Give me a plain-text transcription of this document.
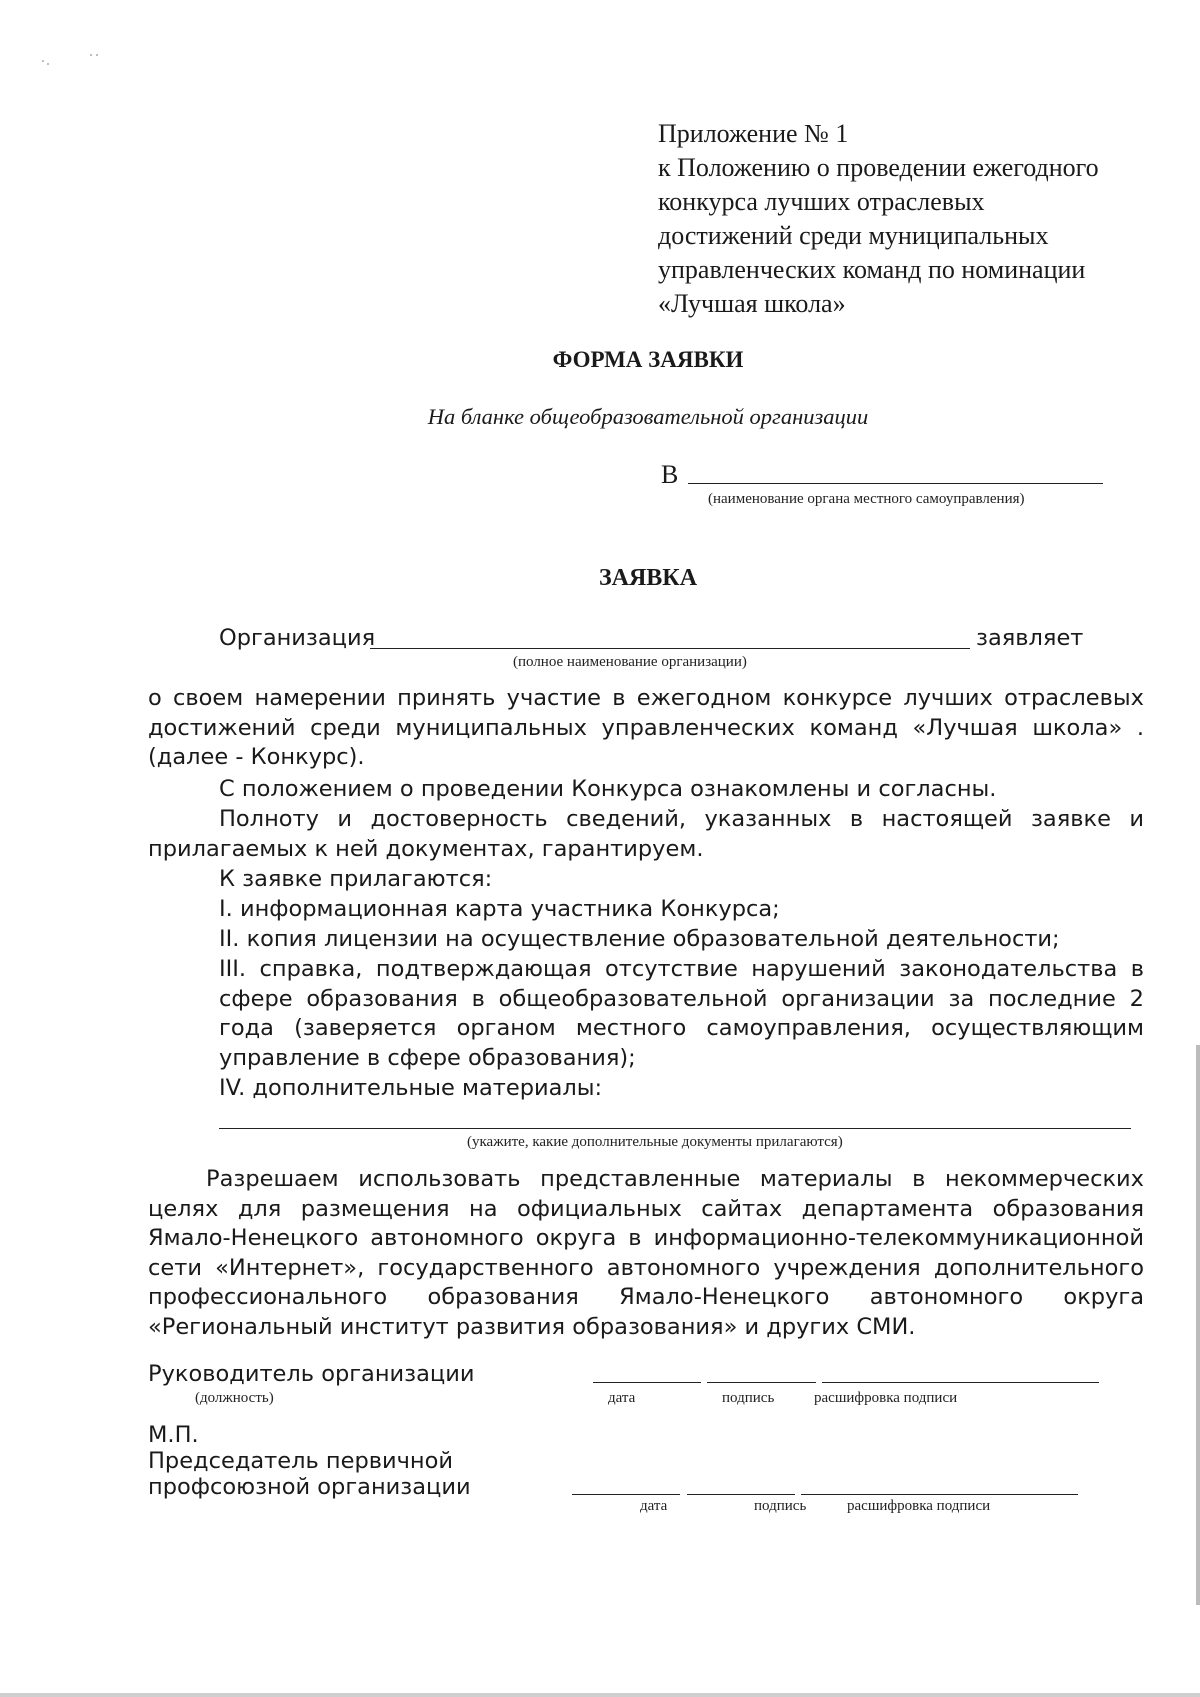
Приложение № 1
к Положению о проведении ежегодного
конкурса лучших отраслевых
достижений среди муниципальных
управленческих команд по номинации
«Лучшая школа»
ФОРМА ЗАЯВКИ
На бланке общеобразовательной организации
В
(наименование органа местного самоуправления)
ЗАЯВКА
Организация	заявляет
(полное наименование организации)
о своем намерении принять участие в ежегодном конкурсе лучших отраслевых достижений среди муниципальных управленческих команд «Лучшая школа» .(далее - Конкурс).
С положением о проведении Конкурса ознакомлены и согласны.
Полноту и достоверность сведений, указанных в настоящей заявке и прилагаемых к ней документах, гарантируем.
К заявке прилагаются:
I. информационная карта участника Конкурса;
II. копия лицензии на осуществление образовательной деятельности;
III. справка, подтверждающая отсутствие нарушений законодательства в сфере образования в общеобразовательной организации за последние 2 года (заверяется органом местного самоуправления, осуществляющим управление в сфере образования);
IV. дополнительные материалы:
(укажите, какие дополнительные документы прилагаются)
Разрешаем использовать представленные материалы в некоммерческих целях для размещения на официальных сайтах департамента образования Ямало-Ненецкого автономного округа в информационно-телекоммуникационной сети «Интернет», государственного автономного учреждения дополнительного профессионального образования Ямало-Ненецкого автономного округа «Региональный институт развития образования» и других СМИ.
Руководитель организации
(должность)	дата	подпись	расшифровка подписи
М.П.
Председатель первичной
профсоюзной организации
дата	подпись	расшифровка подписи
